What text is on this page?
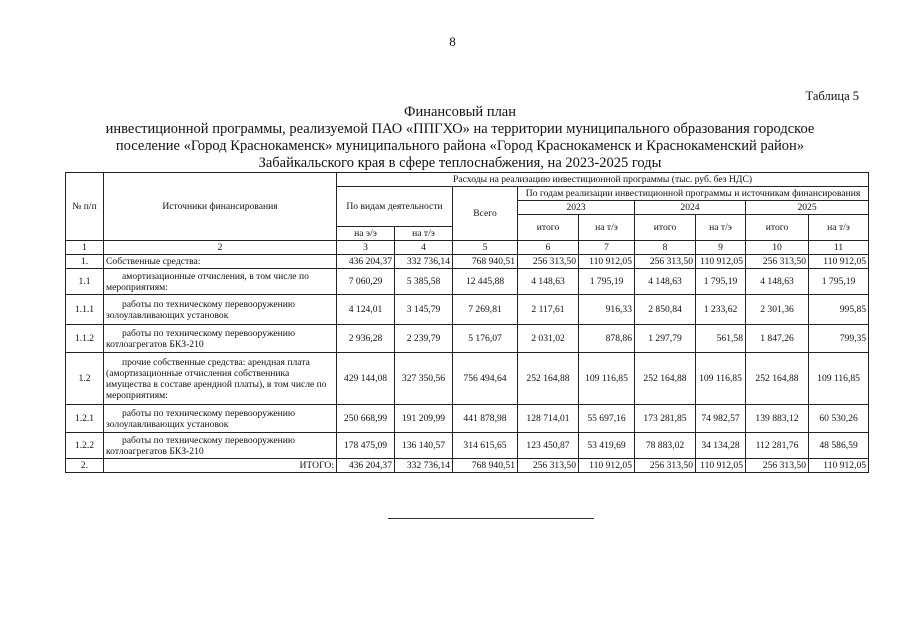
8
Таблица 5
Финансовый план
инвестиционной программы, реализуемой ПАО «ППГХО» на территории муниципального образования городское
поселение «Город Краснокаменск» муниципального района «Город Краснокаменск и Краснокаменский район»
Забайкальского края в сфере теплоснабжения, на 2023-2025 годы
№ п/п	Источники финансирования	Расходы на реализацию инвестиционной программы (тыс. руб. без НДС)								
		По видам деятельности		Всего	По годам реализации инвестиционной программы и источникам финансирования					
					2023		2024		2025	
					итого	на т/э	итого	на т/э	итого	на т/э
		на э/э	на т/э							
1	2	3	4	5	6	7	8	9	10	11
1.	Собственные средства:	436 204,37	332 736,14	768 940,51	256 313,50	110 912,05	256 313,50	110 912,05	256 313,50	110 912,05
1.1	амортизационные отчисления, в том числе по мероприятиям:	7 060,29	5 385,58	12 445,88	4 148,63	1 795,19	4 148,63	1 795,19	4 148,63	1 795,19
1.1.1	работы по техническому перевооружению золоулавливающих установок	4 124,01	3 145,79	7 269,81	2 117,61	916,33	2 850,84	1 233,62	2 301,36	995,85
1.1.2	работы по техническому перевооружению котлоагрегатов БКЗ-210	2 936,28	2 239,79	5 176,07	2 031,02	878,86	1 297,79	561,58	1 847,26	799,35
1.2	прочие собственные средства: арендная плата (амортизационные отчисления собственника имущества в составе арендной платы), в том числе по мероприятиям:	429 144,08	327 350,56	756 494,64	252 164,88	109 116,85	252 164,88	109 116,85	252 164,88	109 116,85
1.2.1	работы по техническому перевооружению золоулавливающих установок	250 668,99	191 209,99	441 878,98	128 714,01	55 697,16	173 281,85	74 982,57	139 883,12	60 530,26
1.2.2	работы по техническому перевооружению котлоагрегатов БКЗ-210	178 475,09	136 140,57	314 615,65	123 450,87	53 419,69	78 883,02	34 134,28	112 281,76	48 586,59
2.	ИТОГО:	436 204,37	332 736,14	768 940,51	256 313,50	110 912,05	256 313,50	110 912,05	256 313,50	110 912,05
